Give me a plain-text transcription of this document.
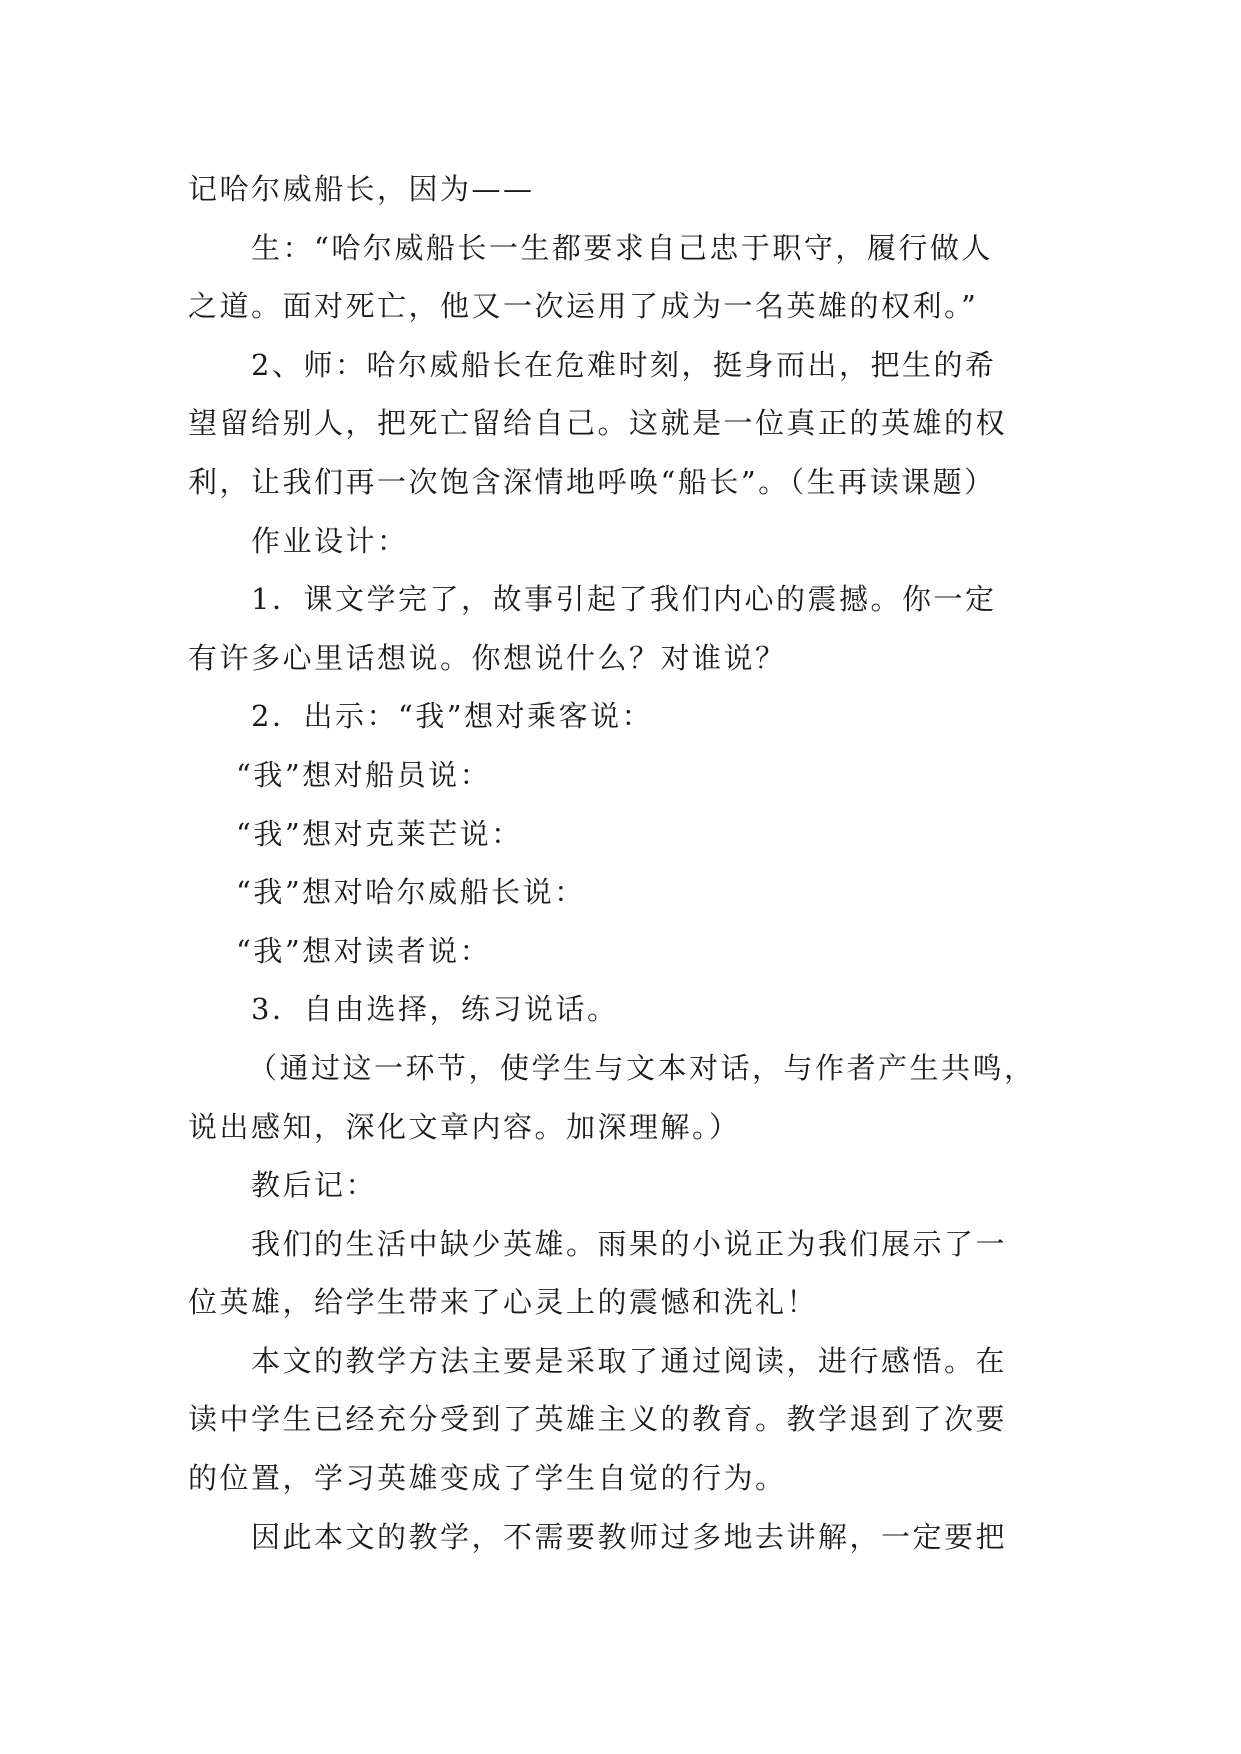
记哈尔威船长，因为——
生：“哈尔威船长一生都要求自己忠于职守，履行做人
之道。面对死亡，他又一次运用了成为一名英雄的权利。”
2、师：哈尔威船长在危难时刻，挺身而出，把生的希
望留给别人，把死亡留给自己。这就是一位真正的英雄的权
利，让我们再一次饱含深情地呼唤“船长”。（生再读课题）
作业设计：
1．课文学完了，故事引起了我们内心的震撼。你一定
有许多心里话想说。你想说什么？对谁说？
2．出示：“我”想对乘客说：
“我”想对船员说：
“我”想对克莱芒说：
“我”想对哈尔威船长说：
“我”想对读者说：
3．自由选择，练习说话。
（通过这一环节，使学生与文本对话，与作者产生共鸣，
说出感知，深化文章内容。加深理解。）
教后记：
我们的生活中缺少英雄。雨果的小说正为我们展示了一
位英雄，给学生带来了心灵上的震憾和洗礼！
本文的教学方法主要是采取了通过阅读，进行感悟。在
读中学生已经充分受到了英雄主义的教育。教学退到了次要
的位置，学习英雄变成了学生自觉的行为。
因此本文的教学，不需要教师过多地去讲解，一定要把
